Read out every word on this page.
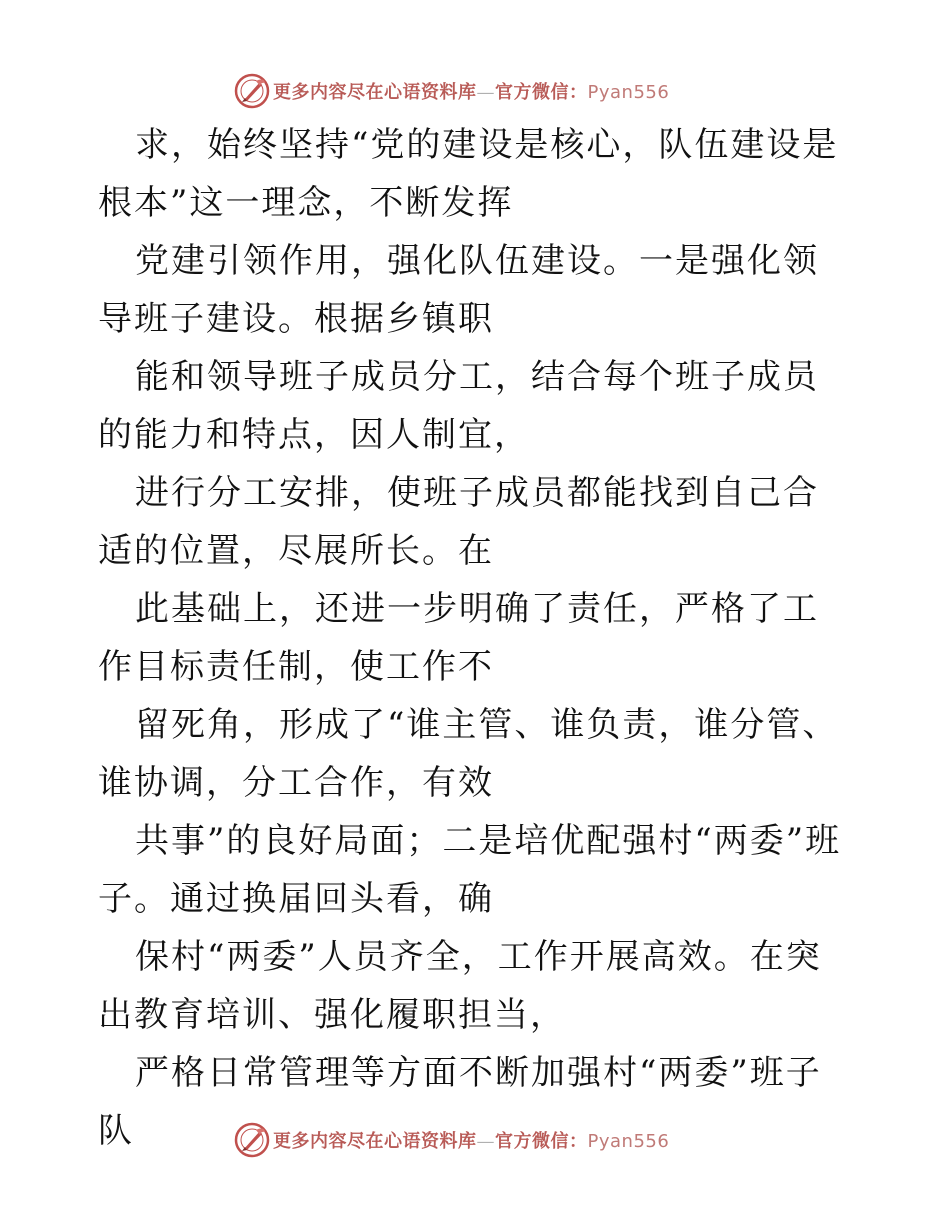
更多内容尽在心语资料库—官方微信：Pyan556

求，始终坚持“党的建设是核心，队伍建设是根本”这一理念，不断发挥

党建引领作用，强化队伍建设。一是强化领导班子建设。根据乡镇职

能和领导班子成员分工，结合每个班子成员的能力和特点，因人制宜，

进行分工安排，使班子成员都能找到自己合适的位置，尽展所长。在

此基础上，还进一步明确了责任，严格了工作目标责任制，使工作不

留死角，形成了“谁主管、谁负责，谁分管、谁协调，分工合作，有效

共事”的良好局面；二是培优配强村“两委”班子。通过换届回头看，确

保村“两委”人员齐全，工作开展高效。在突出教育培训、强化履职担当，

严格日常管理等方面不断加强村“两委”班子队	更多内容尽在心语资料库—官方微信：Pyan556
